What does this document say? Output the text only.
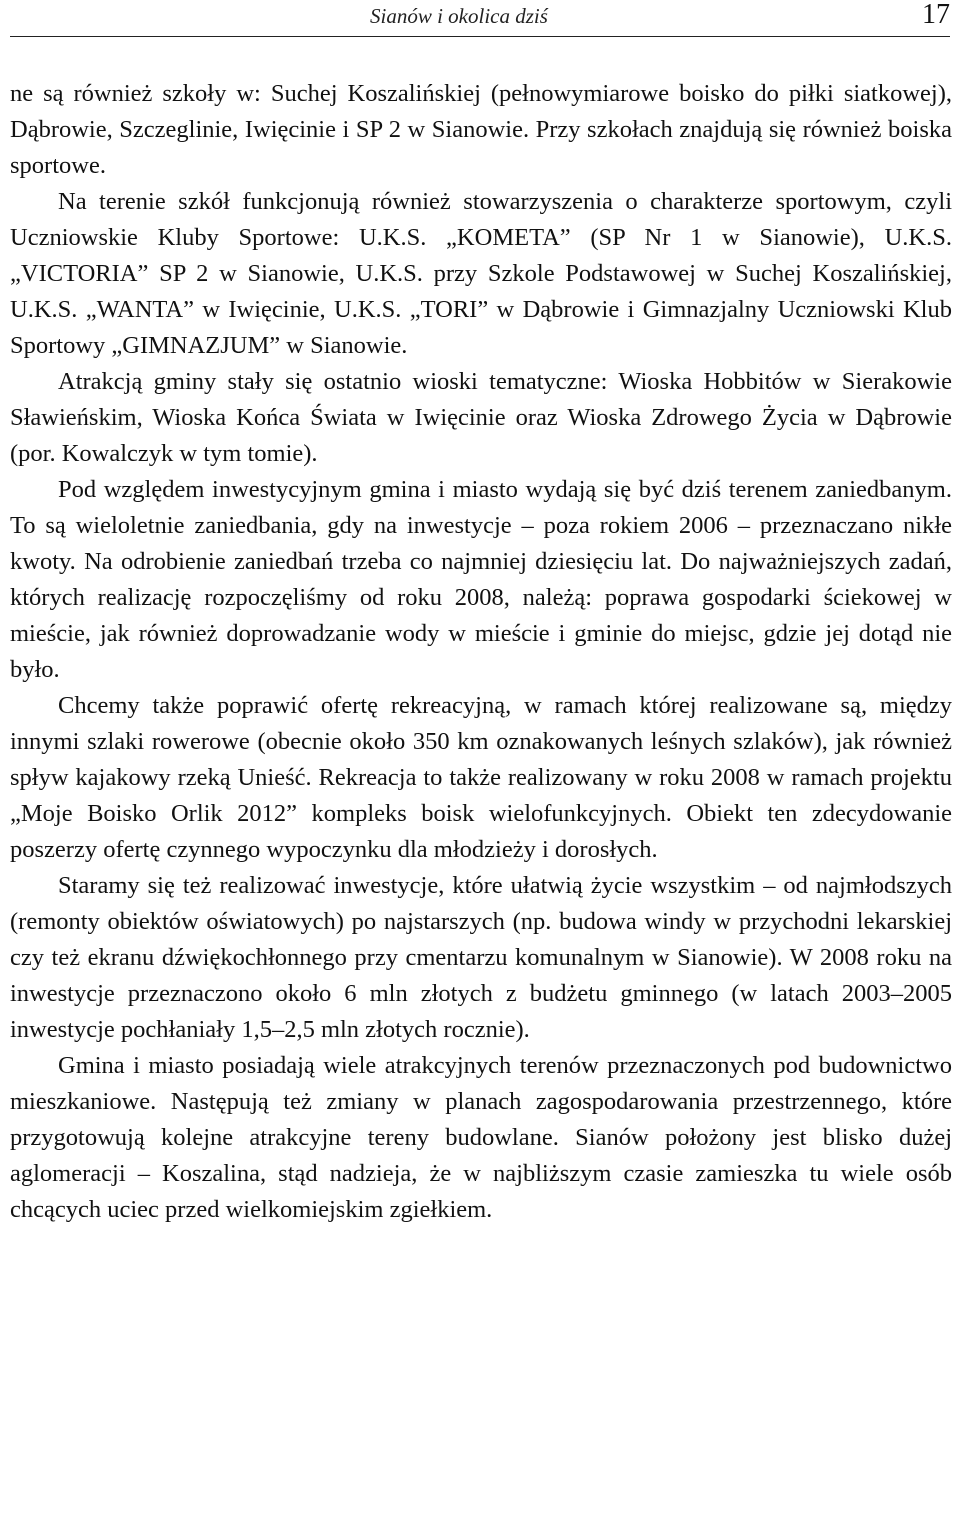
Sianów i okolica dziś	17

ne są również szkoły w: Suchej Koszalińskiej (pełnowymiarowe boisko do piłki siatkowej), Dąbrowie, Szczeglinie, Iwięcinie i SP 2 w Sianowie. Przy szkołach znajdują się również boiska sportowe.

Na terenie szkół funkcjonują również stowarzyszenia o charakterze sportowym, czyli Uczniowskie Kluby Sportowe: U.K.S. „KOMETA” (SP Nr 1 w Sianowie), U.K.S. „VICTORIA” SP 2 w Sianowie, U.K.S. przy Szkole Podstawowej w Suchej Koszalińskiej, U.K.S. „WANTA” w Iwięcinie, U.K.S. „TORI” w Dąbrowie i Gimnazjalny Uczniowski Klub Sportowy „GIMNAZJUM” w Sianowie.

Atrakcją gminy stały się ostatnio wioski tematyczne: Wioska Hobbitów w Sierakowie Sławieńskim, Wioska Końca Świata w Iwięcinie oraz Wioska Zdrowego Życia w Dąbrowie (por. Kowalczyk w tym tomie).

Pod względem inwestycyjnym gmina i miasto wydają się być dziś terenem zaniedbanym. To są wieloletnie zaniedbania, gdy na inwestycje – poza rokiem 2006 – przeznaczano nikłe kwoty. Na odrobienie zaniedbań trzeba co najmniej dziesięciu lat. Do najważniejszych zadań, których realizację rozpoczęliśmy od roku 2008, należą: poprawa gospodarki ściekowej w mieście, jak również doprowadzanie wody w mieście i gminie do miejsc, gdzie jej dotąd nie było.

Chcemy także poprawić ofertę rekreacyjną, w ramach której realizowane są, między innymi szlaki rowerowe (obecnie około 350 km oznakowanych leśnych szlaków), jak również spływ kajakowy rzeką Unieść. Rekreacja to także realizowany w roku 2008 w ramach projektu „Moje Boisko Orlik 2012” kompleks boisk wielofunkcyjnych. Obiekt ten zdecydowanie poszerzy ofertę czynnego wypoczynku dla młodzieży i dorosłych.

Staramy się też realizować inwestycje, które ułatwią życie wszystkim – od najmłodszych (remonty obiektów oświatowych) po najstarszych (np. budowa windy w przychodni lekarskiej czy też ekranu dźwiękochłonnego przy cmentarzu komunalnym w Sianowie). W 2008 roku na inwestycje przeznaczono około 6 mln złotych z budżetu gminnego (w latach 2003–2005 inwestycje pochłaniały 1,5–2,5 mln złotych rocznie).

Gmina i miasto posiadają wiele atrakcyjnych terenów przeznaczonych pod budownictwo mieszkaniowe. Następują też zmiany w planach zagospodarowania przestrzennego, które przygotowują kolejne atrakcyjne tereny budowlane. Sianów położony jest blisko dużej aglomeracji – Koszalina, stąd nadzieja, że w najbliższym czasie zamieszka tu wiele osób chcących uciec przed wielkomiejskim zgiełkiem.
